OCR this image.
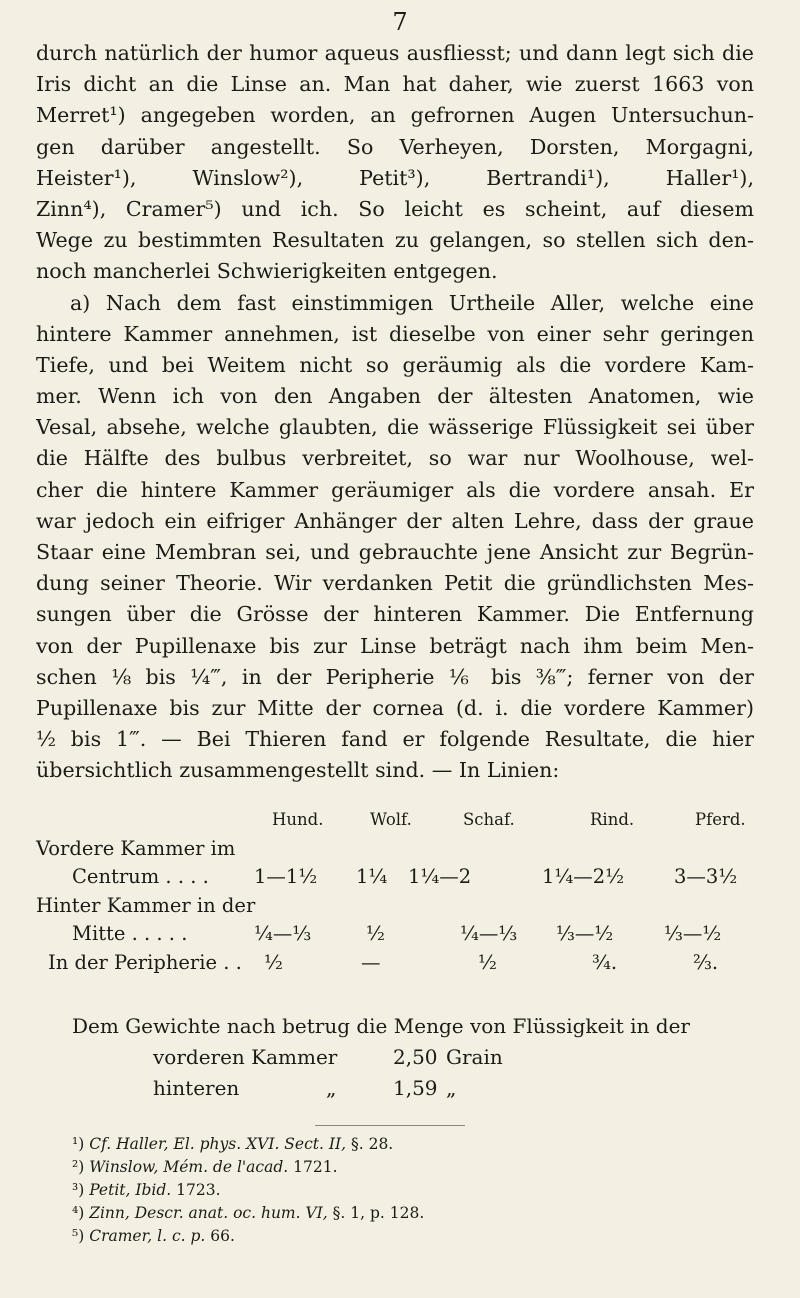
7
durch natürlich der humor aqueus ausfliesst; und dann legt sich die
Iris dicht an die Linse an. Man hat daher, wie zuerst 1663 von
Merret¹) angegeben worden, an gefrornen Augen Untersuchun-
gen darüber angestellt. So Verheyen, Dorsten, Morgagni,
Heister¹), Winslow²), Petit³), Bertrandi¹), Haller¹),
Zinn⁴), Cramer⁵) und ich. So leicht es scheint, auf diesem
Wege zu bestimmten Resultaten zu gelangen, so stellen sich den-
noch mancherlei Schwierigkeiten entgegen.
a) Nach dem fast einstimmigen Urtheile Aller, welche eine
hintere Kammer annehmen, ist dieselbe von einer sehr geringen
Tiefe, und bei Weitem nicht so geräumig als die vordere Kam-
mer. Wenn ich von den Angaben der ältesten Anatomen, wie
Vesal, absehe, welche glaubten, die wässerige Flüssigkeit sei über
die Hälfte des bulbus verbreitet, so war nur Woolhouse, wel-
cher die hintere Kammer geräumiger als die vordere ansah. Er
war jedoch ein eifriger Anhänger der alten Lehre, dass der graue
Staar eine Membran sei, und gebrauchte jene Ansicht zur Begrün-
dung seiner Theorie. Wir verdanken Petit die gründlichsten Mes-
sungen über die Grösse der hinteren Kammer. Die Entfernung
von der Pupillenaxe bis zur Linse beträgt nach ihm beim Men-
schen ⅛ bis ¼‴, in der Peripherie ⅙ bis ⅜‴; ferner von der
Pupillenaxe bis zur Mitte der cornea (d. i. die vordere Kammer)
½ bis 1‴. — Bei Thieren fand er folgende Resultate, die hier
übersichtlich zusammengestellt sind. — In Linien:
Hund.	Wolf.	Schaf.	Rind.	Pferd.
Vordere Kammer im
Centrum . . . . 1—1½ 1¼ 1¼—2	1¼—2½	3—3½
Hinter Kammer in der
Mitte . . . . .	¼—⅓	½	¼—⅓ ⅓—½	⅓—½
In der Peripherie . . ½	—	½	¾.	⅔.
Dem Gewichte nach betrug die Menge von Flüssigkeit in der
vorderen Kammer	2,50 Grain
hinteren	„	1,59 „
¹) Cf. Haller, El. phys. XVI. Sect. II, §. 28.
²) Winslow, Mém. de l'acad. 1721.
³) Petit, Ibid. 1723.
⁴) Zinn, Descr. anat. oc. hum. VI, §. 1, p. 128.
⁵) Cramer, l. c. p. 66.
